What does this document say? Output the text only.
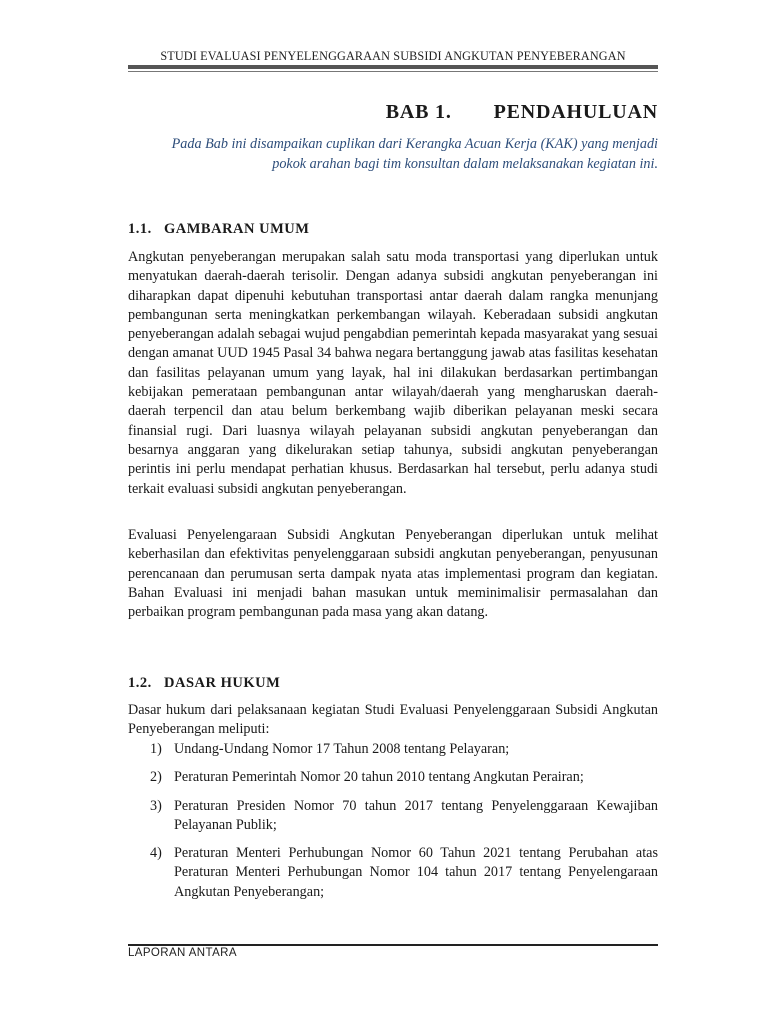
STUDI EVALUASI PENYELENGGARAAN SUBSIDI ANGKUTAN PENYEBERANGAN
BAB 1. PENDAHULUAN
Pada Bab ini disampaikan cuplikan dari Kerangka Acuan Kerja (KAK) yang menjadi pokok arahan bagi tim konsultan dalam melaksanakan kegiatan ini.
1.1. GAMBARAN UMUM

Angkutan penyeberangan merupakan salah satu moda transportasi yang diperlukan untuk menyatukan daerah-daerah terisolir. Dengan adanya subsidi angkutan penyeberangan ini diharapkan dapat dipenuhi kebutuhan transportasi antar daerah dalam rangka menunjang pembangunan serta meningkatkan perkembangan wilayah. Keberadaan subsidi angkutan penyeberangan adalah sebagai wujud pengabdian pemerintah kepada masyarakat yang sesuai dengan amanat UUD 1945 Pasal 34 bahwa negara bertanggung jawab atas fasilitas kesehatan dan fasilitas pelayanan umum yang layak, hal ini dilakukan berdasarkan pertimbangan kebijakan pemerataan pembangunan antar wilayah/daerah yang mengharuskan daerah-daerah terpencil dan atau belum berkembang wajib diberikan pelayanan meski secara finansial rugi. Dari luasnya wilayah pelayanan subsidi angkutan penyeberangan dan besarnya anggaran yang dikelurakan setiap tahunya, subsidi angkutan penyeberangan perintis ini perlu mendapat perhatian khusus. Berdasarkan hal tersebut, perlu adanya studi terkait evaluasi subsidi angkutan penyeberangan.

Evaluasi Penyelengaraan Subsidi Angkutan Penyeberangan diperlukan untuk melihat keberhasilan dan efektivitas penyelenggaraan subsidi angkutan penyeberangan, penyusunan perencanaan dan perumusan serta dampak nyata atas implementasi program dan kegiatan. Bahan Evaluasi ini menjadi bahan masukan untuk meminimalisir permasalahan dan perbaikan program pembangunan pada masa yang akan datang.

1.2. DASAR HUKUM

Dasar hukum dari pelaksanaan kegiatan Studi Evaluasi Penyelenggaraan Subsidi Angkutan Penyeberangan meliputi:

1) Undang-Undang Nomor 17 Tahun 2008 tentang Pelayaran;
2) Peraturan Pemerintah Nomor 20 tahun 2010 tentang Angkutan Perairan;
3) Peraturan Presiden Nomor 70 tahun 2017 tentang Penyelenggaraan Kewajiban Pelayanan Publik;
4) Peraturan Menteri Perhubungan Nomor 60 Tahun 2021 tentang Perubahan atas Peraturan Menteri Perhubungan Nomor 104 tahun 2017 tentang Penyelengaraan Angkutan Penyeberangan;
LAPORAN ANTARA
